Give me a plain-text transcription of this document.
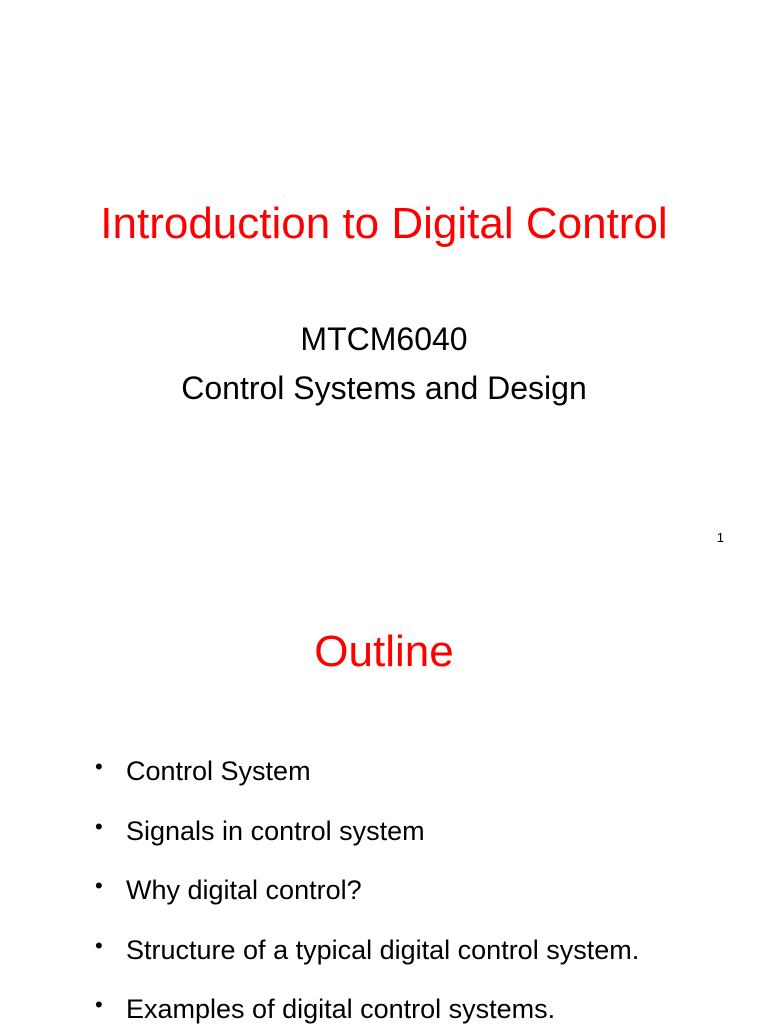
Introduction to Digital Control
MTCM6040
Control Systems and Design
1
Outline
• Control System
• Signals in control system
• Why digital control?
• Structure of a typical digital control system.
• Examples of digital control systems.
